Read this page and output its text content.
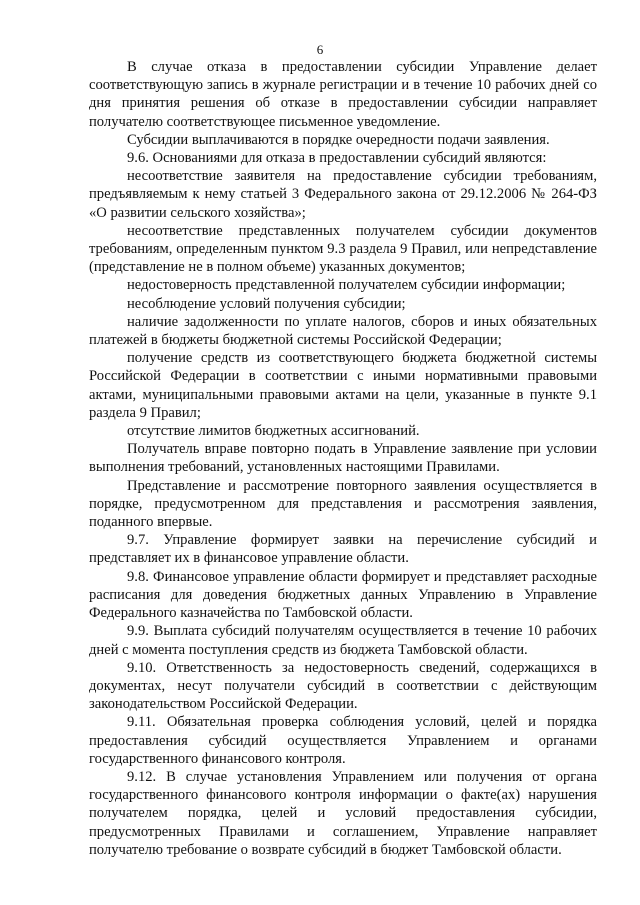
6

В случае отказа в предоставлении субсидии Управление делает соответствующую запись в журнале регистрации и в течение 10 рабочих дней со дня принятия решения об отказе в предоставлении субсидии направляет получателю соответствующее письменное уведомление.

Субсидии выплачиваются в порядке очередности подачи заявления.

9.6. Основаниями для отказа в предоставлении субсидий являются:

несоответствие заявителя на предоставление субсидии требованиям, предъявляемым к нему статьей 3 Федерального закона от 29.12.2006 № 264-ФЗ «О развитии сельского хозяйства»;

несоответствие представленных получателем субсидии документов требованиям, определенным пунктом 9.3 раздела 9 Правил, или непредставление (представление не в полном объеме) указанных документов;

недостоверность представленной получателем субсидии информации;

несоблюдение условий получения субсидии;

наличие задолженности по уплате налогов, сборов и иных обязательных платежей в бюджеты бюджетной системы Российской Федерации;

получение средств из соответствующего бюджета бюджетной системы Российской Федерации в соответствии с иными нормативными правовыми актами, муниципальными правовыми актами на цели, указанные в пункте 9.1 раздела 9 Правил;

отсутствие лимитов бюджетных ассигнований.

Получатель вправе повторно подать в Управление заявление при условии выполнения требований, установленных настоящими Правилами.

Представление и рассмотрение повторного заявления осуществляется в порядке, предусмотренном для представления и рассмотрения заявления, поданного впервые.

9.7. Управление формирует заявки на перечисление субсидий и представляет их в финансовое управление области.

9.8. Финансовое управление области формирует и представляет расходные расписания для доведения бюджетных данных Управлению в Управление Федерального казначейства по Тамбовской области.

9.9. Выплата субсидий получателям осуществляется в течение 10 рабочих дней с момента поступления средств из бюджета Тамбовской области.

9.10. Ответственность за недостоверность сведений, содержащихся в документах, несут получатели субсидий в соответствии с действующим законодательством Российской Федерации.

9.11. Обязательная проверка соблюдения условий, целей и порядка предоставления субсидий осуществляется Управлением и органами государственного финансового контроля.

9.12. В случае установления Управлением или получения от органа государственного финансового контроля информации о факте(ах) нарушения получателем порядка, целей и условий предоставления субсидии, предусмотренных Правилами и соглашением, Управление направляет получателю требование о возврате субсидий в бюджет Тамбовской области.
